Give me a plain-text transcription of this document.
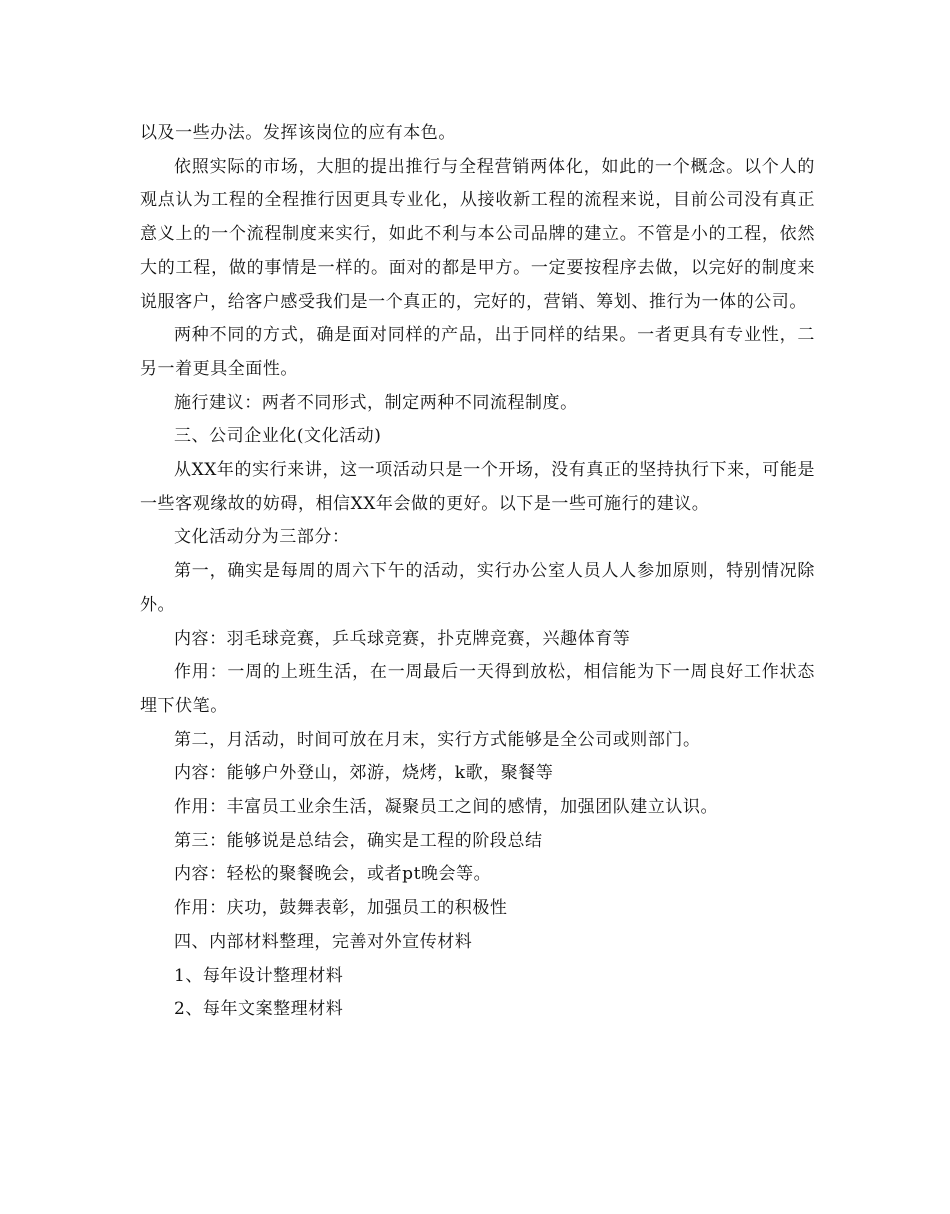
以及一些办法。发挥该岗位的应有本色。

依照实际的市场，大胆的提出推行与全程营销两体化，如此的一个概念。以个人的观点认为工程的全程推行因更具专业化，从接收新工程的流程来说，目前公司没有真正意义上的一个流程制度来实行，如此不利与本公司品牌的建立。不管是小的工程，依然大的工程，做的事情是一样的。面对的都是甲方。一定要按程序去做，以完好的制度来说服客户，给客户感受我们是一个真正的，完好的，营销、筹划、推行为一体的公司。

两种不同的方式，确是面对同样的产品，出于同样的结果。一者更具有专业性，二另一着更具全面性。

施行建议：两者不同形式，制定两种不同流程制度。

三、公司企业化(文化活动)

从XX年的实行来讲，这一项活动只是一个开场，没有真正的坚持执行下来，可能是一些客观缘故的妨碍，相信XX年会做的更好。以下是一些可施行的建议。

文化活动分为三部分：

第一，确实是每周的周六下午的活动，实行办公室人员人人参加原则，特别情况除外。

内容：羽毛球竞赛，乒乓球竞赛，扑克牌竞赛，兴趣体育等

作用：一周的上班生活，在一周最后一天得到放松，相信能为下一周良好工作状态埋下伏笔。

第二，月活动，时间可放在月末，实行方式能够是全公司或则部门。

内容：能够户外登山，郊游，烧烤，k歌，聚餐等

作用：丰富员工业余生活，凝聚员工之间的感情，加强团队建立认识。

第三：能够说是总结会，确实是工程的阶段总结

内容：轻松的聚餐晚会，或者pt晚会等。

作用：庆功，鼓舞表彰，加强员工的积极性

四、内部材料整理，完善对外宣传材料

1、每年设计整理材料

2、每年文案整理材料
